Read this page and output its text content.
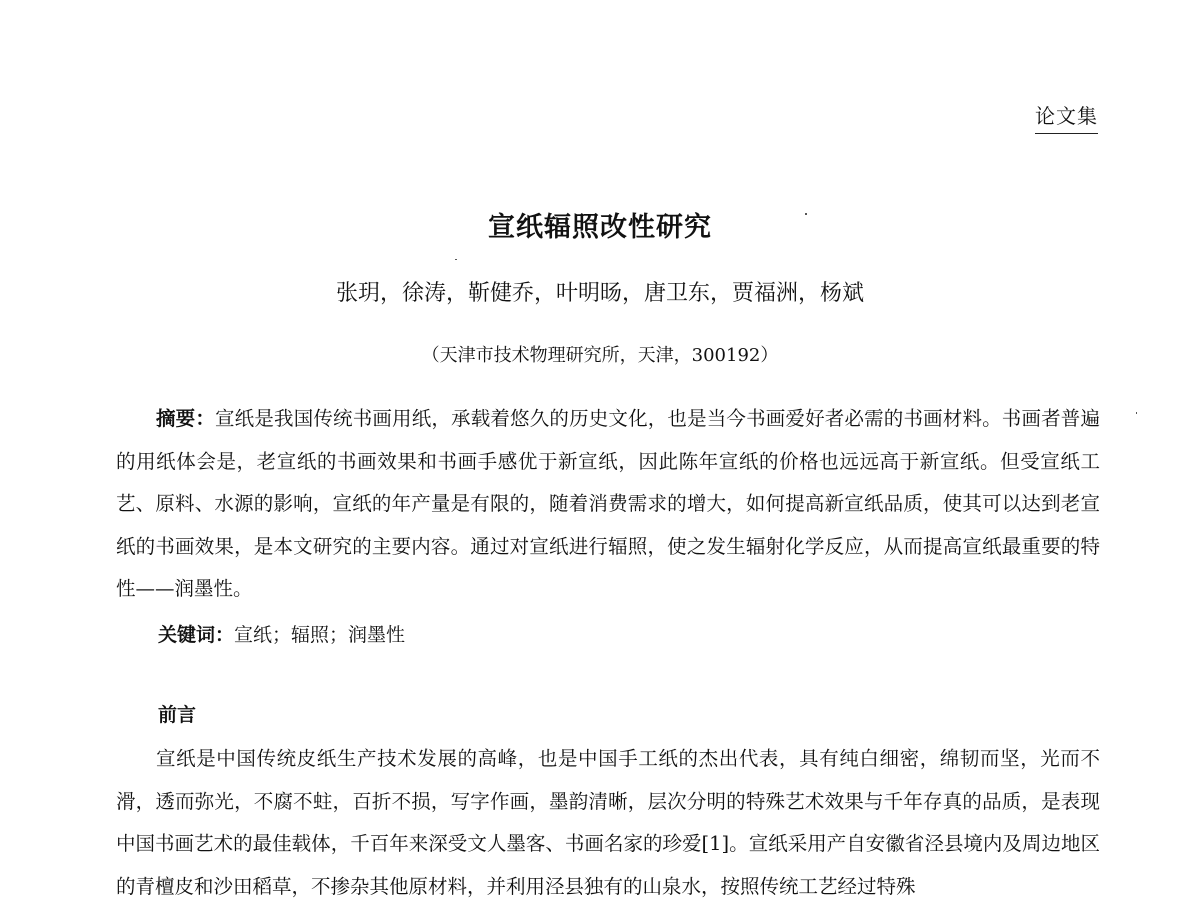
论文集
宣纸辐照改性研究
张玥，徐涛，靳健乔，叶明旸，唐卫东，贾福洲，杨斌
（天津市技术物理研究所，天津，300192）

摘要：宣纸是我国传统书画用纸，承载着悠久的历史文化，也是当今书画爱好者必需的书画材料。书画者普遍的用纸体会是，老宣纸的书画效果和书画手感优于新宣纸，因此陈年宣纸的价格也远远高于新宣纸。但受宣纸工艺、原料、水源的影响，宣纸的年产量是有限的，随着消费需求的增大，如何提高新宣纸品质，使其可以达到老宣纸的书画效果，是本文研究的主要内容。通过对宣纸进行辐照，使之发生辐射化学反应，从而提高宣纸最重要的特性——润墨性。

关键词：宣纸；辐照；润墨性
前言

宣纸是中国传统皮纸生产技术发展的高峰，也是中国手工纸的杰出代表，具有纯白细密，绵韧而坚，光而不滑，透而弥光，不腐不蛀，百折不损，写字作画，墨韵清晰，层次分明的特殊艺术效果与千年存真的品质，是表现中国书画艺术的最佳载体，千百年来深受文人墨客、书画名家的珍爱[1]。宣纸采用产自安徽省泾县境内及周边地区的青檀皮和沙田稻草，不掺杂其他原材料，并利用泾县独有的山泉水，按照传统工艺经过特殊
